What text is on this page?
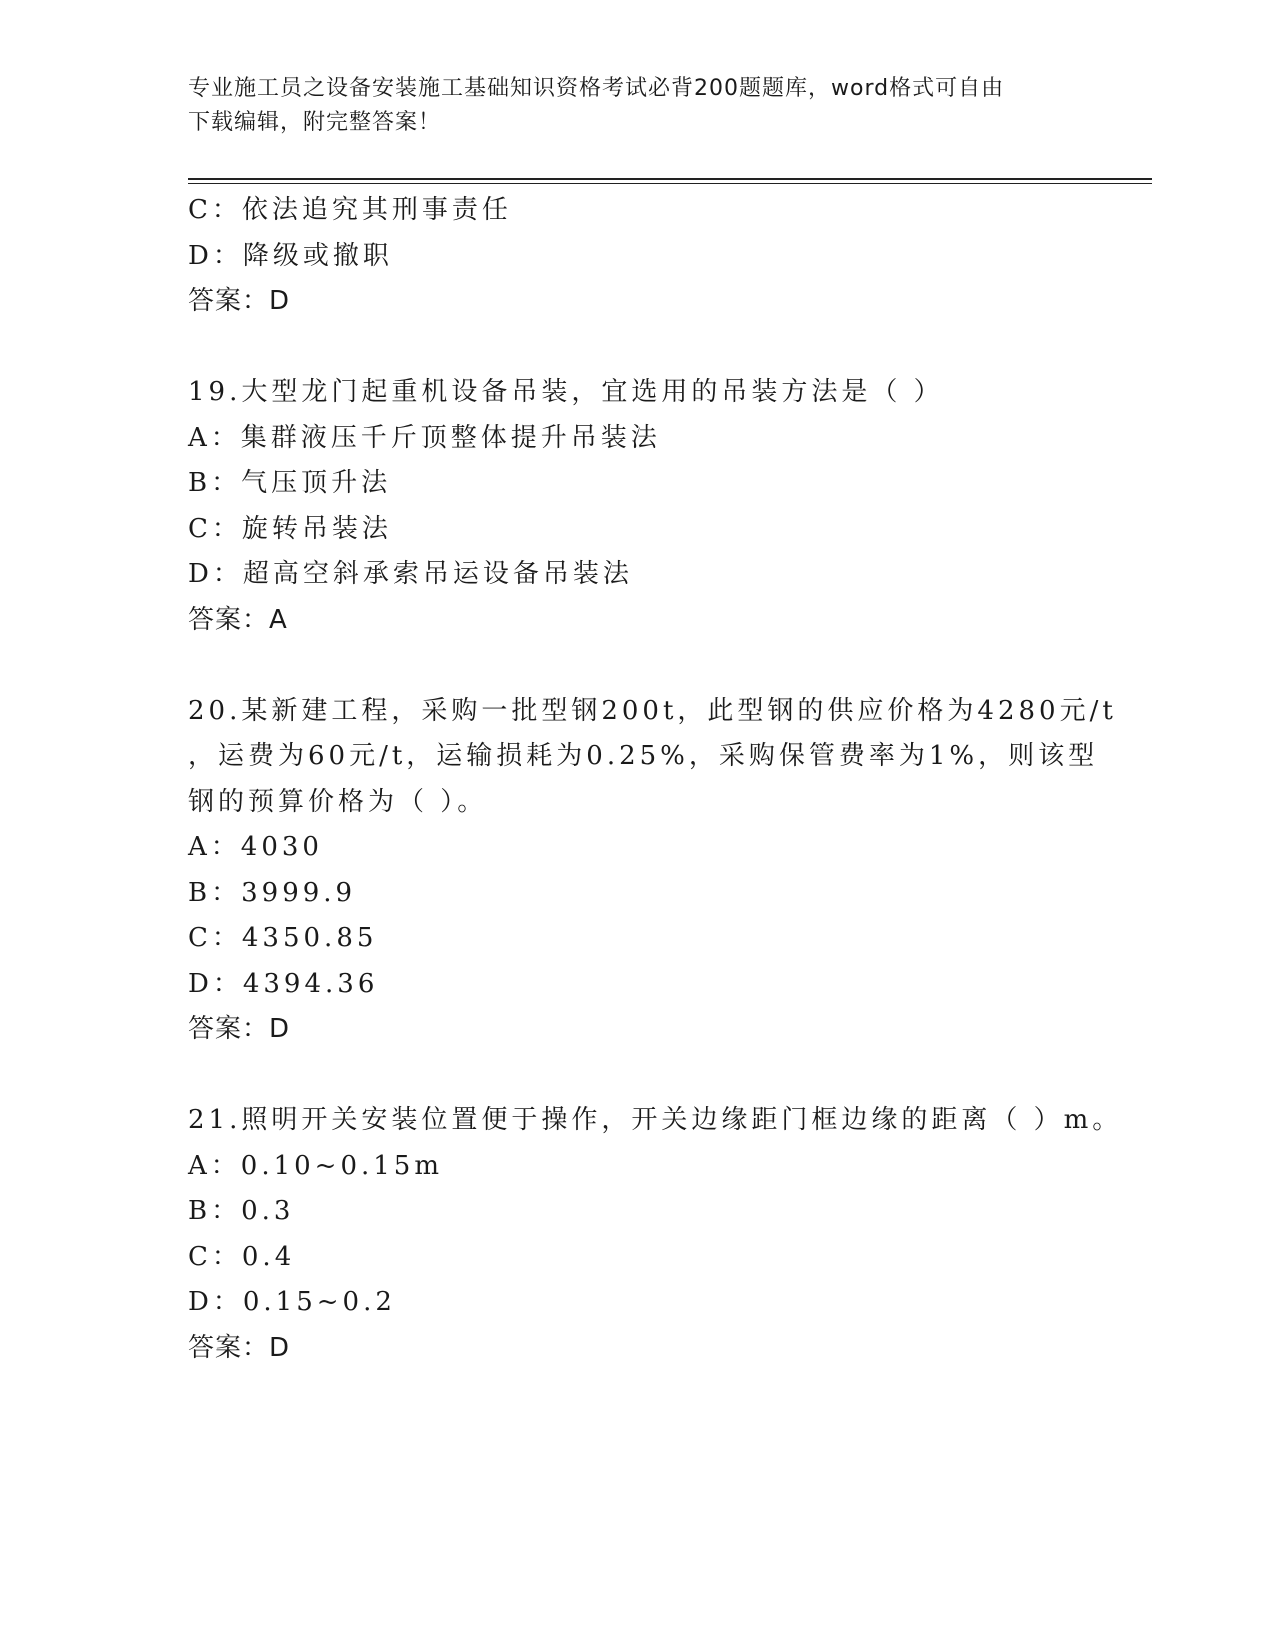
专业施工员之设备安装施工基础知识资格考试必背200题题库，word格式可自由
下载编辑，附完整答案！
C：依法追究其刑事责任
D：降级或撤职
答案：D
19.大型龙门起重机设备吊装，宜选用的吊装方法是（ ）
A：集群液压千斤顶整体提升吊装法
B：气压顶升法
C：旋转吊装法
D：超高空斜承索吊运设备吊装法
答案：A
20.某新建工程，采购一批型钢200t，此型钢的供应价格为4280元/t
，运费为60元/t，运输损耗为0.25%，采购保管费率为1%，则该型
钢的预算价格为（ ）。
A：4030
B：3999.9
C：4350.85
D：4394.36
答案：D
21.照明开关安装位置便于操作，开关边缘距门框边缘的距离（ ）m。
A：0.10~0.15m
B：0.3
C：0.4
D：0.15~0.2
答案：D
